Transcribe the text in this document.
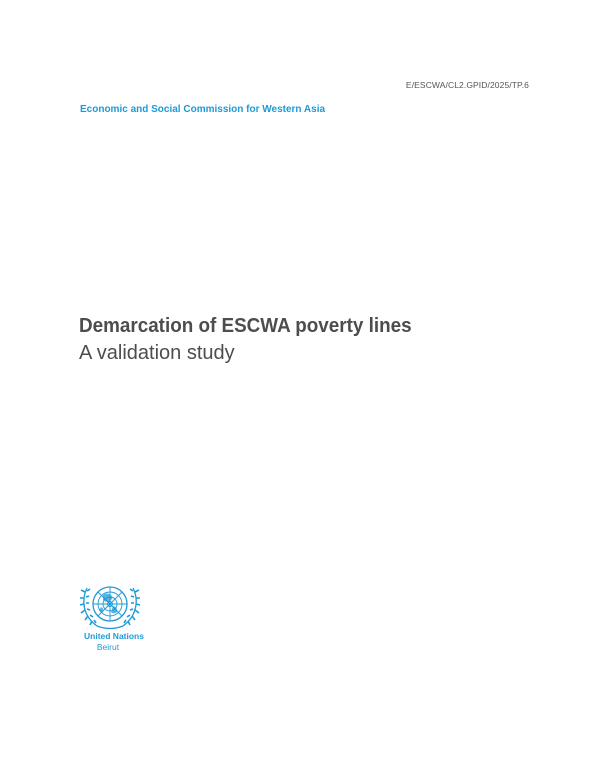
E/ESCWA/CL2.GPID/2025/TP.6
Economic and Social Commission for Western Asia
Demarcation of ESCWA poverty lines
A validation study
United Nations
Beirut
